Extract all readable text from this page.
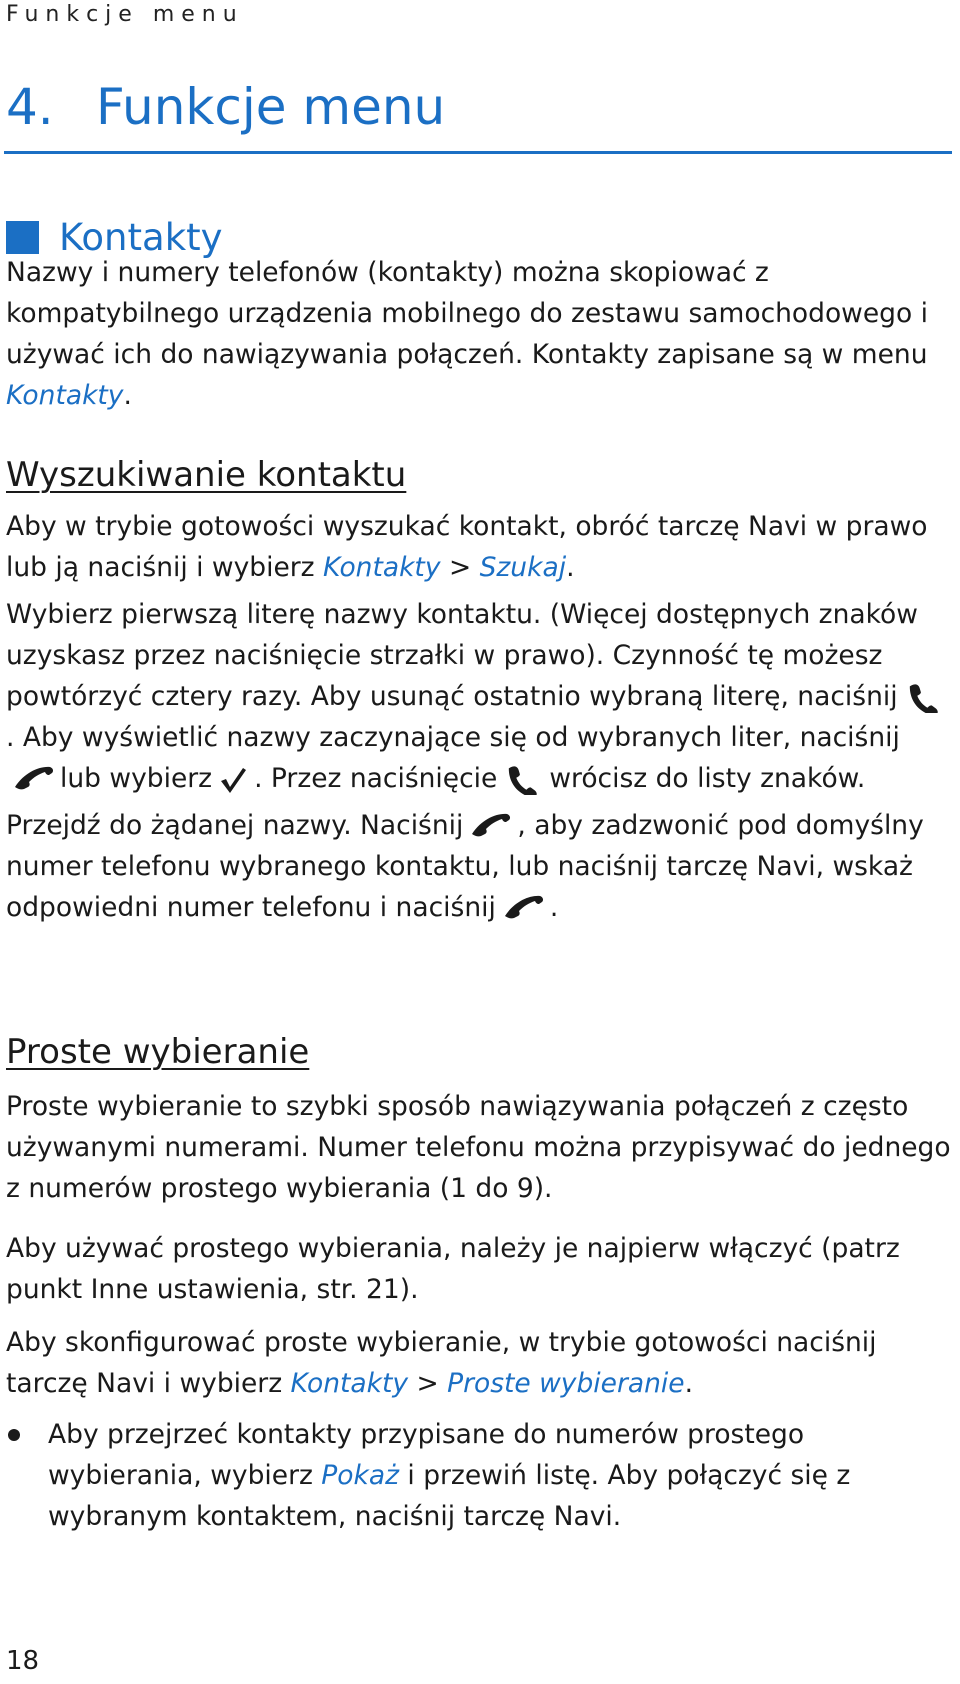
Funkcje menu
4. Funkcje menu
Kontakty

Nazwy i numery telefonów (kontakty) można skopiować z kompatybilnego urządzenia mobilnego do zestawu samochodowego i używać ich do nawiązywania połączeń. Kontakty zapisane są w menu Kontakty.

Wyszukiwanie kontaktu

Aby w trybie gotowości wyszukać kontakt, obróć tarczę Navi w prawo lub ją naciśnij i wybierz Kontakty > Szukaj.

Wybierz pierwszą literę nazwy kontaktu. (Więcej dostępnych znaków uzyskasz przez naciśnięcie strzałki w prawo). Czynność tę możesz powtórzyć cztery razy. Aby usunąć ostatnio wybraną literę, naciśnij
. Aby wyświetlić nazwy zaczynające się od wybranych liter, naciśnij
lub wybierz . Przez naciśnięcie wrócisz do listy znaków.

Przejdź do żądanej nazwy. Naciśnij , aby zadzwonić pod domyślny numer telefonu wybranego kontaktu, lub naciśnij tarczę Navi, wskaż odpowiedni numer telefonu i naciśnij .

Proste wybieranie

Proste wybieranie to szybki sposób nawiązywania połączeń z często używanymi numerami. Numer telefonu można przypisywać do jednego z numerów prostego wybierania (1 do 9).

Aby używać prostego wybierania, należy je najpierw włączyć (patrz punkt Inne ustawienia, str. 21).

Aby skonfigurować proste wybieranie, w trybie gotowości naciśnij tarczę Navi i wybierz Kontakty > Proste wybieranie.

Aby przejrzeć kontakty przypisane do numerów prostego wybierania, wybierz Pokaż i przewiń listę. Aby połączyć się z wybranym kontaktem, naciśnij tarczę Navi.
18
